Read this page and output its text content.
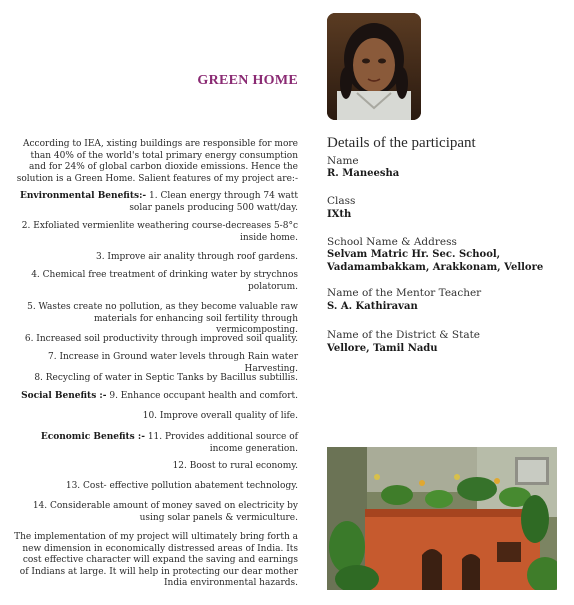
GREEN HOME
According to IEA, xisting buildings are responsible for more than 40% of the world's total primary energy consumption and for 24% of global carbon dioxide emissions. Hence the solution is a Green Home. Salient features of my project are:-
Environmental Benefits:- 1. Clean energy through 74 watt solar panels producing 500 watt/day.
2. Exfoliated vermienlite weathering course-decreases 5-8°c inside home.
3. Improve air anality through roof gardens.
4. Chemical free treatment of drinking water by strychnos polatorum.
5. Wastes create no pollution, as they become valuable raw materials for enhancing soil fertility through vermicomposting.
6. Increased soil productivity through improved soil quality.
7. Increase in Ground water levels through Rain water Harvesting.
8. Recycling of water in Septic Tanks by Bacillus subtillis.
Social Benefits :- 9. Enhance occupant health and comfort.
10. Improve overall quality of life.
Economic Benefits :- 11. Provides additional source of income generation.
12. Boost to rural economy.
13. Cost- effective pollution abatement technology.
14. Considerable amount of money saved on electricity by using solar panels & vermiculture.
The implementation of my project will ultimately bring forth a new dimension in economically distressed areas of India. Its cost effective character will expand the saving and earnings of Indians at large. It will help in protecting our dear mother India environmental hazards.
Details of the participant
Name
R. Maneesha
Class
IXth
School Name & Address
Selvam Matric Hr. Sec. School,
Vadamambakkam, Arakkonam, Vellore
Name of the Mentor Teacher
S. A. Kathiravan
Name of the District & State
Vellore, Tamil Nadu
